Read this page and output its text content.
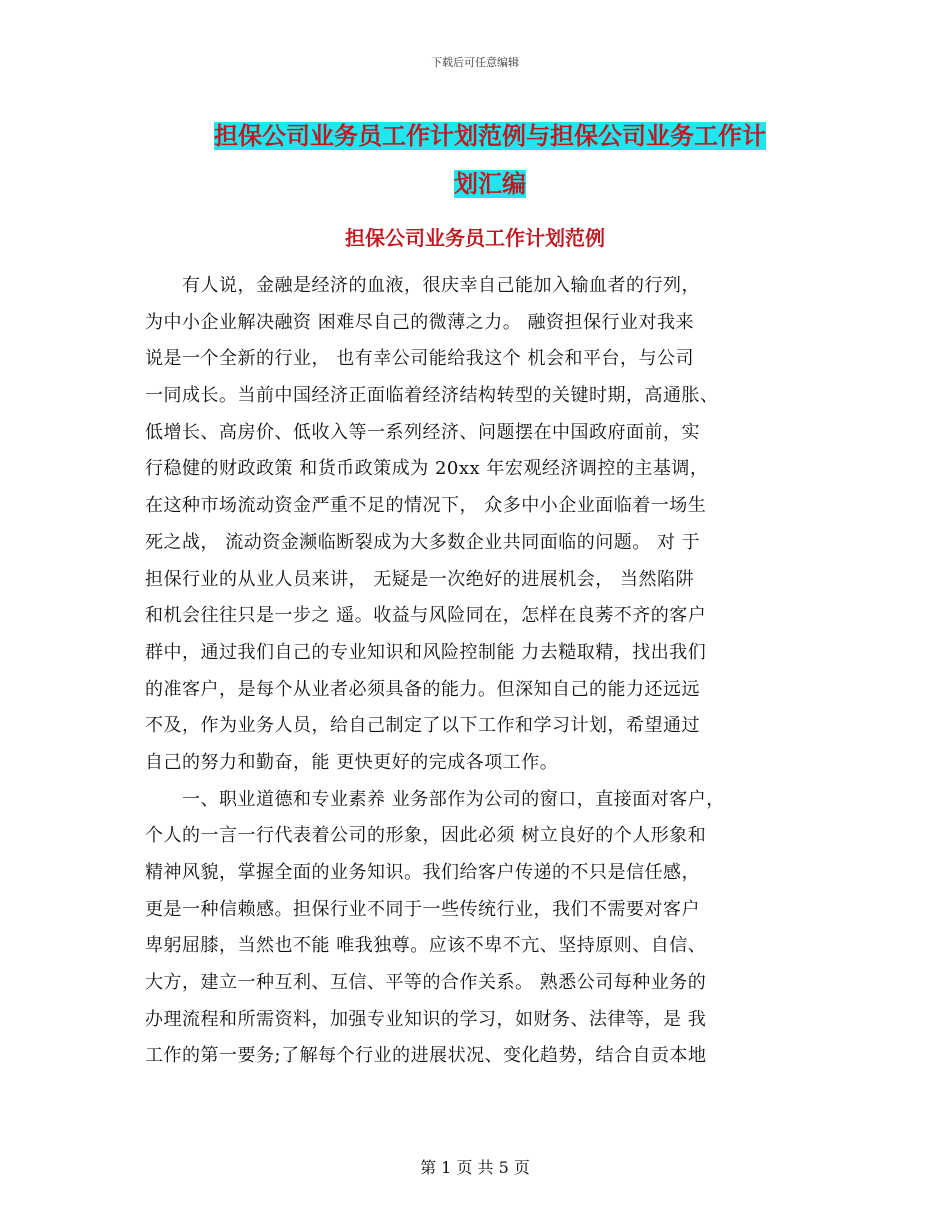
下载后可任意编辑
担保公司业务员工作计划范例与担保公司业务工作计
划汇编
担保公司业务员工作计划范例
　　有人说，金融是经济的血液，很庆幸自己能加入输血者的行列，
为中小企业解决融资 困难尽自己的微薄之力。 融资担保行业对我来
说是一个全新的行业， 也有幸公司能给我这个 机会和平台，与公司
一同成长。当前中国经济正面临着经济结构转型的关键时期，高通胀、
低增长、高房价、低收入等一系列经济、问题摆在中国政府面前，实
行稳健的财政政策 和货币政策成为 20xx 年宏观经济调控的主基调，
在这种市场流动资金严重不足的情况下， 众多中小企业面临着一场生
死之战， 流动资金濒临断裂成为大多数企业共同面临的问题。 对 于
担保行业的从业人员来讲， 无疑是一次绝好的进展机会， 当然陷阱
和机会往往只是一步之 遥。收益与风险同在，怎样在良莠不齐的客户
群中，通过我们自己的专业知识和风险控制能 力去糙取精，找出我们
的准客户，是每个从业者必须具备的能力。但深知自己的能力还远远
不及，作为业务人员，给自己制定了以下工作和学习计划，希望通过
自己的努力和勤奋，能 更快更好的完成各项工作。
　　一、职业道德和专业素养 业务部作为公司的窗口，直接面对客户，
个人的一言一行代表着公司的形象，因此必须 树立良好的个人形象和
精神风貌，掌握全面的业务知识。我们给客户传递的不只是信任感，
更是一种信赖感。担保行业不同于一些传统行业，我们不需要对客户
卑躬屈膝，当然也不能 唯我独尊。应该不卑不亢、坚持原则、自信、
大方，建立一种互利、互信、平等的合作关系。 熟悉公司每种业务的
办理流程和所需资料，加强专业知识的学习，如财务、法律等，是 我
工作的第一要务;了解每个行业的进展状况、变化趋势，结合自贡本地
第 1 页 共 5 页
